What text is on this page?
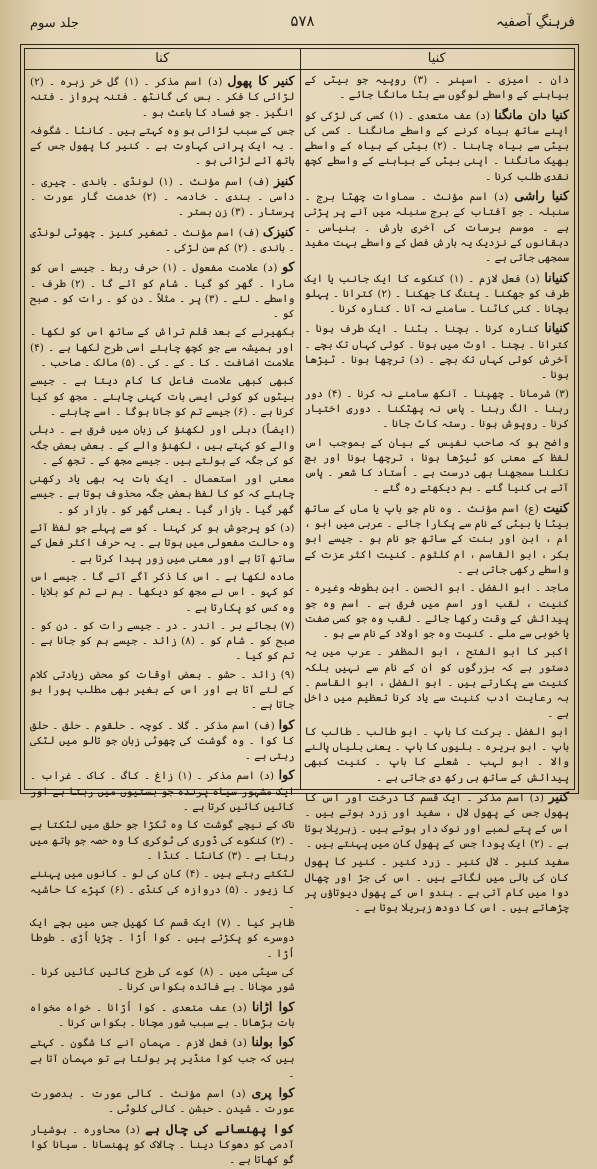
جلد سوم	۵۷۸	فرہنگِ آصفیہ
کنا	کنیا

دان ۔ امیزی ۔ اسپنر ۔ (۳) روپیہ جو بیٹی کے بیاہنے کے واسطے لوگوں سے بٹا مانگا جائے ۔

کنیا دان مانگنا (د) عف متعدی ۔ (۱) کسی کی لڑکی کو اپنے ساتھ بیاہ کرنے کے واسطے مانگنا ۔ کسی کی بیٹی سے بیاہ چاہنا ۔ (۲) بیٹی کے بیاہ کے واسطے بھیک مانگنا ۔ اپنی بیٹی کے بیاہنے کے واسطے کچھ نقدی طلب کرنا ۔

کنیا راشی (د) اسم مؤنث ۔ سماوات چھٹا برج ۔ سنبلہ ۔ جو آفتاب کے برج سنبلہ میں آنے پر پڑتی ہے ۔ موسم برسات کی آخری بارش ۔ بنیاسی ۔ دہقانوں کے نزدیک یہ بارش فصل کے واسطے بہت مفید سمجھی جاتی ہے ۔

کنیانا (د) فعل لازم ۔ (۱) کنکوے کا ایک جانب یا ایک طرف کو جھکنا ۔ پتنگ کا جھکنا ۔ (۲) کترانا ۔ پہلو بچانا ۔ کنی کاٹنا ۔ سامنے نہ آنا ۔ کنارہ کرنا ۔

کنیانا کنارہ کرنا ۔ بچنا ۔ ہٹنا ۔ ایک طرف ہونا ۔ کترانا ۔ بچنا ۔ اوٹ میں ہونا ۔ کوئی کہاں تک بچے ۔ آخرش کوئی کہاں تک بچے ۔ (د) ترچھا ہونا ۔ ٹیڑھا ہونا ۔

(۳) شرمانا ۔ چھپنا ۔ آنکھ سامنے نہ کرنا ۔ (۴) دور رہنا ۔ الگ رہنا ۔ پاس نہ پھٹکنا ۔ دوری اختیار کرنا ۔ روپوش ہونا ۔ رستہ کاٹ جانا ۔

واضح ہو کہ صاحب نفیس کے بیان کے بموجب اس لفظ کے معنی کو ٹیڑھا ہونا ، ترچھا ہونا اور بچ نکلنا سمجھنا بھی درست ہے ۔ اُستاد کا شعر ۔ پاس آتے ہی کنیا گئے ۔ ہم دیکھتے رہ گئے ۔

کنیت (ع) اسم مؤنث ۔ وہ نام جو باپ یا ماں کے ساتھ بیٹا یا بیٹی کے نام سے پکارا جائے ۔ عربی میں ابو ، ام ، ابن اور بنت کے ساتھ جو نام ہو ۔ جیسے ابو بکر ، ابو القاسم ، ام کلثوم ۔ کنیت اکثر عزت کے واسطے رکھی جاتی ہے ۔

ماجد ۔ ابو الفضل ۔ ابو الحسن ۔ ابن بطوطہ وغیرہ ۔ کنیت ، لقب اور اسم میں فرق ہے ۔ اسم وہ جو پیدائش کے وقت رکھا جائے ۔ لقب وہ جو کسی صفت یا خوبی سے ملے ۔ کنیت وہ جو اولاد کے نام سے ہو ۔

اکبر کا ابو الفتح ، ابو المظفر ۔ عرب میں یہ دستور ہے کہ بزرگوں کو ان کے نام سے نہیں بلکہ کنیت سے پکارتے ہیں ۔ ابو الفضل ، ابو القاسم ۔ بہ رعایت ادب کنیت سے یاد کرنا تعظیم میں داخل ہے ۔

ابو الفضل ۔ برکت کا باپ ۔ ابو طالب ۔ طالب کا باپ ۔ ابو ہریرہ ۔ بلیوں کا باپ ۔ یعنی بلیاں پالنے والا ۔ ابو لہب ۔ شعلے کا باپ ۔ کنیت کبھی پیدائش کے ساتھ ہی رکھ دی جاتی ہے ۔

کنیر (د) اسم مذکر ۔ ایک قسم کا درخت اور اس کا پھول جس کے پھول لال ، سفید اور زرد ہوتے ہیں ۔ اس کے پتے لمبے اور نوک دار ہوتے ہیں ۔ زہریلا ہوتا ہے ۔ (۲) ایک پودا جس کے پھول کان میں پہنتے ہیں ۔

سفید کنیر ۔ لال کنیر ۔ زرد کنیر ۔ کنیر کا پھول کان کی بالی میں لگاتے ہیں ۔ اس کی جڑ اور چھال دوا میں کام آتی ہے ۔ ہندو اس کے پھول دیوتاؤں پر چڑھاتے ہیں ۔ اس کا دودھ زہریلا ہوتا ہے ۔

کنیر کا پھول (د) اسم مذکر ۔ (۱) گل خر زہرہ ۔ (۲) لڑائی کا فکر ۔ بس کی گانٹھ ۔ فتنہ پرواز ۔ فتنہ انگیز ۔ جو فساد کا باعث ہو ۔

جس کے سبب لڑائی ہو وہ کہتے ہیں ۔ کانٹا ۔ شگوفہ ۔ یہ ایک پرانی کہاوت ہے ۔ کنیر کا پھول جس کے ہاتھ آئے لڑائی ہو ۔

کنیز (ف) اسم مؤنث ۔ (۱) لونڈی ۔ باندی ۔ چیری ۔ داسی ۔ بندی ۔ خادمہ ۔ (۲) خدمت گار عورت ۔ پرستار ۔ (۳) زن بستر ۔

کنیزک (ف) اسم مؤنث ۔ تصغیر کنیز ۔ چھوٹی لونڈی ۔ باندی ۔ (۲) کم سن لڑکی ۔

کو (د) علامت مفعول ۔ (۱) حرف ربط ۔ جیسے اس کو مارا ۔ گھر کو گیا ۔ شام کو آئے گا ۔ (۲) طرف ۔ واسطے ۔ لئے ۔ (۳) پر ۔ مثلاً ۔ دن کو ۔ رات کو ۔ صبح کو ۔

بکھیرنے کے بعد قلم تراش کے ساتھ اس کو لکھا ۔ اور ہمیشہ سے جو کچھ چاہئے اسی طرح لکھا ہے ۔ (۴) علامت اضافت ۔ کا ۔ کے ۔ کی ۔ (۵) مالک ۔ صاحب ۔

کبھی کبھی علامت فاعل کا کام دیتا ہے ۔ جیسے بیٹوں کو کوئی ایسی بات کہنی چاہئے ۔ مجھ کو کیا کرنا ہے ۔ (۶) جیسے تم کو جانا ہوگا ۔ اسے چاہئے ۔

(ایضاً) دہلی اور لکھنؤ کی زبان میں فرق ہے ۔ دہلی والے کو کہتے ہیں ، لکھنؤ والے کے ۔ بعض بعض جگہ کو کی جگہ کے بولتے ہیں ۔ جیسے مجھ کے ۔ تجھ کے ۔

معنی اور استعمال ۔ ایک بات یہ بھی یاد رکھنی چاہئے کہ کو کا لفظ بعض جگہ محذوف ہوتا ہے ۔ جیسے گھر گیا ۔ بازار گیا ۔ یعنی گھر کو ۔ بازار کو ۔

(د) کو پرجوش ہو کر کہنا ۔ کو سے پہلے جو لفظ آئے وہ حالت مفعولی میں ہوتا ہے ۔ یہ حرف اکثر فعل کے ساتھ آتا ہے اور معنی میں زور پیدا کرتا ہے ۔

مادہ لکھا ہے ۔ اس کا ذکر آگے آئے گا ۔ جیسے اس کو کہو ۔ اس نے مجھ کو دیکھا ۔ ہم نے تم کو بلایا ۔ وہ کس کو پکارتا ہے ۔

(۷) بجائے بر ۔ اندر ۔ در ۔ جیسے رات کو ۔ دن کو ۔ صبح کو ۔ شام کو ۔ (۸) زائد ۔ جیسے ہم کو جانا ہے ۔ تم کو کیا ۔

(۹) زائد ۔ حشو ۔ بعض اوقات کو محض زیادتی کلام کے لئے آتا ہے اور اس کے بغیر بھی مطلب پورا ہو جاتا ہے ۔

کوا (ف) اسم مذکر ۔ گلا ۔ کوچہ ۔ حلقوم ۔ حلق ۔ حلق کا کوا ۔ وہ گوشت کی چھوٹی زبان جو تالو میں لٹکی رہتی ہے ۔

کوا (د) اسم مذکر ۔ (۱) زاغ ۔ کاگ ۔ کاک ۔ غراب ۔ ایک مشہور سیاہ پرندہ جو بستیوں میں رہتا ہے اور کائیں کائیں کرتا ہے ۔

ناک کے نیچے گوشت کا وہ ٹکڑا جو حلق میں لٹکتا ہے ۔ (۲) کنکوے کی ڈوری کی ٹوکری کا وہ حصہ جو ہاتھ میں رہتا ہے ۔ (۳) کانٹا ۔ کنڈا ۔

لٹکتے رہتے ہیں ۔ (۴) کان کی لو ۔ کانوں میں پہننے کا زیور ۔ (۵) دروازہ کی کنڈی ۔ (۶) کپڑے کا حاشیہ ۔

ظاہر کیا ۔ (۷) ایک قسم کا کھیل جس میں بچے ایک دوسرے کو پکڑتے ہیں ۔ کوا اُڑا ۔ چڑیا اُڑی ۔ طوطا اُڑا ۔

کی سیٹی میں ۔ (۸) کوے کی طرح کائیں کائیں کرنا ۔ شور مچانا ۔ بے فائدہ بکواس کرنا ۔

کوا اڑانا (د) عف متعدی ۔ کوا اُڑانا ۔ خواہ مخواہ بات بڑھانا ۔ بے سبب شور مچانا ۔ بکواس کرنا ۔

کوا بولنا (د) فعل لازم ۔ مہمان آنے کا شگون ۔ کہتے ہیں کہ جب کوا منڈیر پر بولتا ہے تو مہمان آتا ہے ۔

کوا پری (د) اسم مؤنث ۔ کالی عورت ۔ بدصورت عورت ۔ شیدن ۔ حبشن ۔ کالی کلوٹی ۔

کوا پھنسانے کی چال ہے (د) محاورہ ۔ ہوشیار آدمی کو دھوکا دینا ۔ چالاک کو پھنسانا ۔ سیانا کوا گُو کھاتا ہے ۔
